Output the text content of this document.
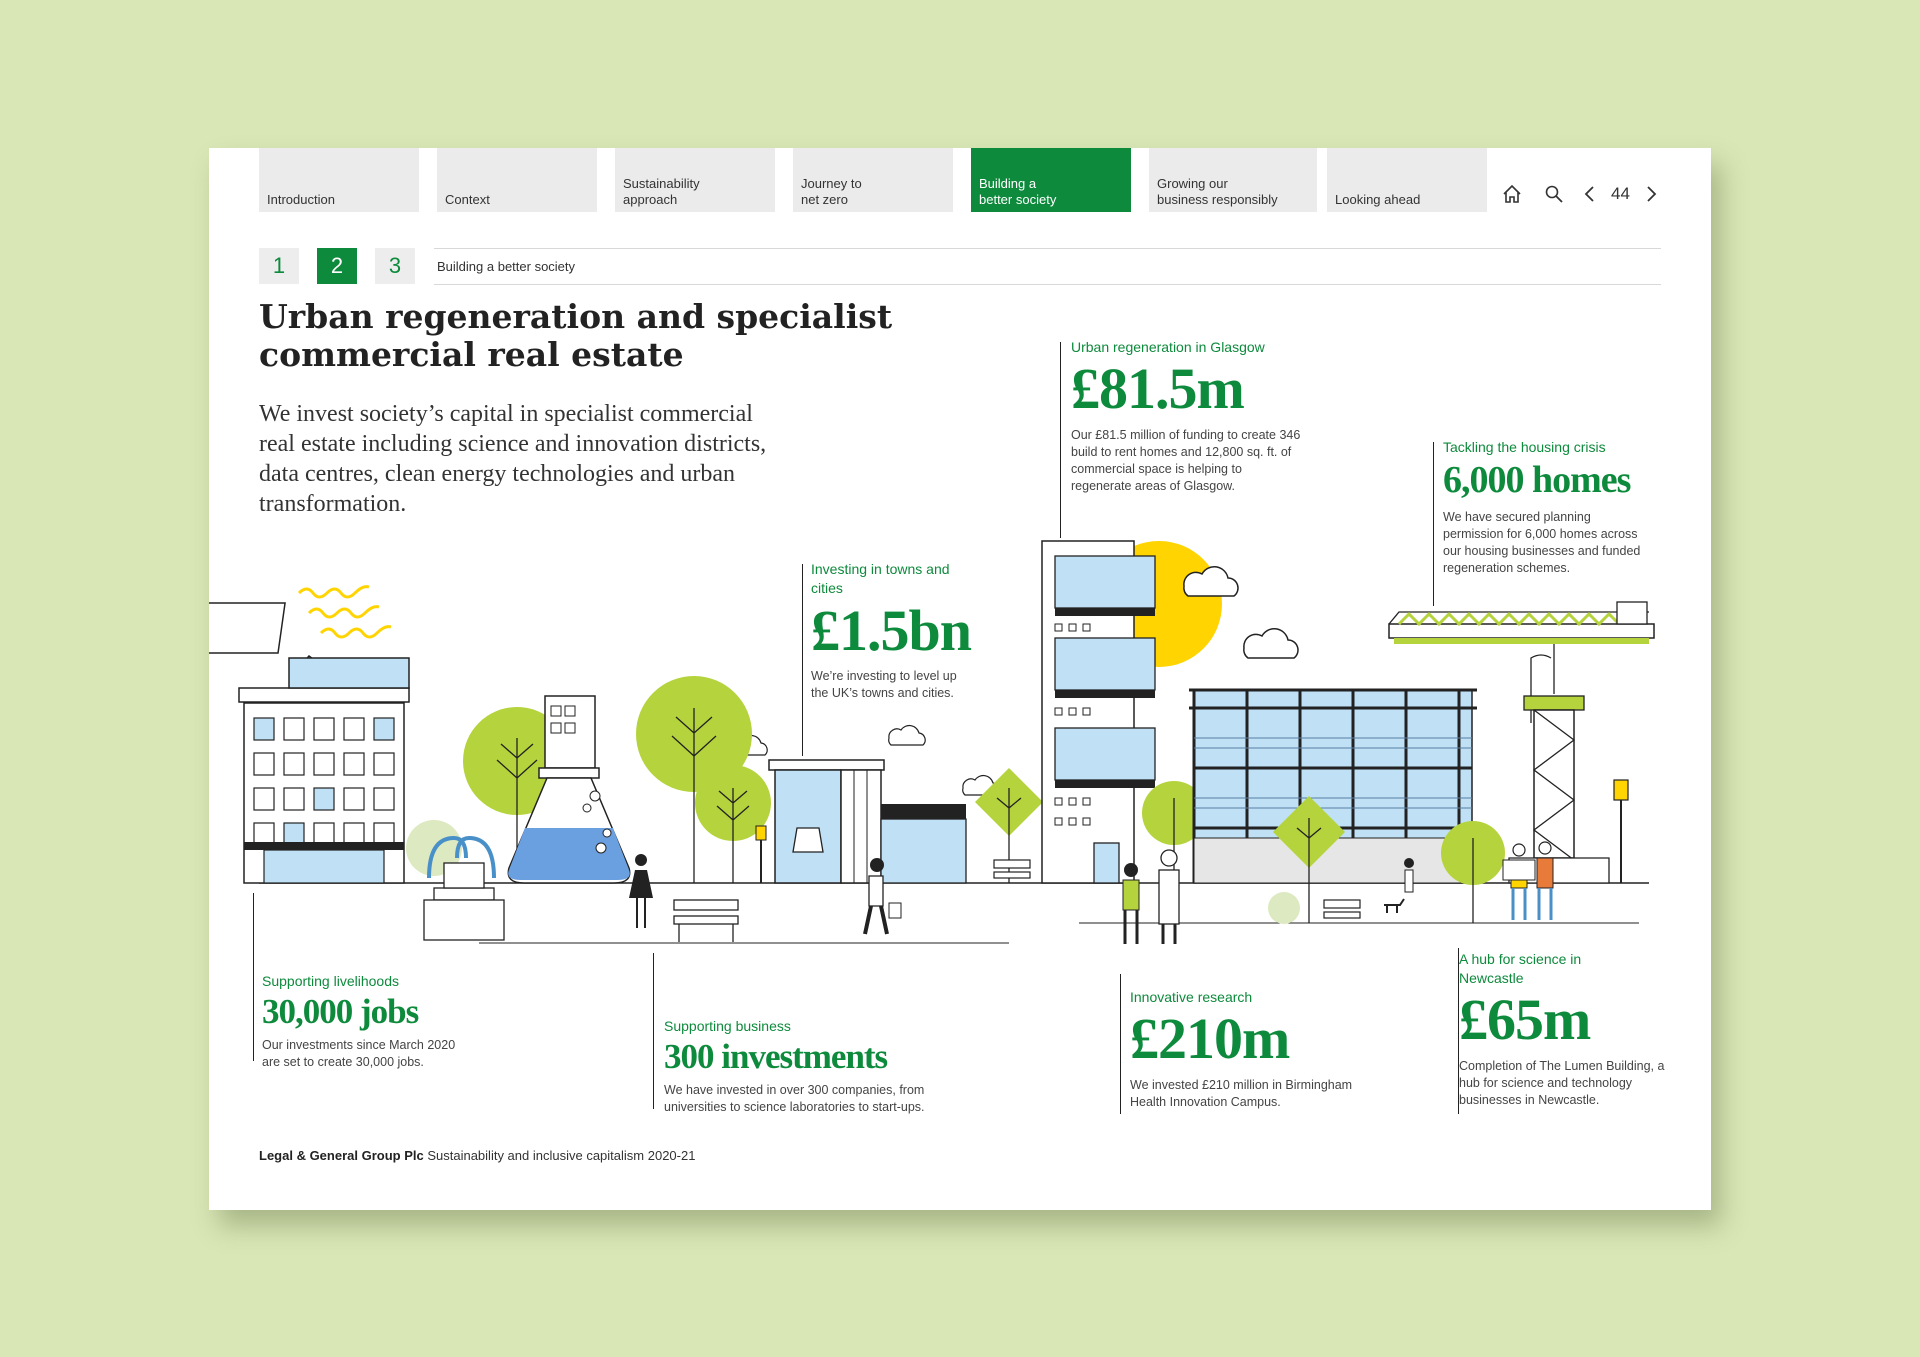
Introduction	Context
Sustainability
approach
Journey to
net zero
Building a
better society
Growing our
business responsibly	Looking ahead	44
1	2	3	Building a better society
Urban regeneration and specialist commercial real estate

We invest society’s capital in specialist commercial real estate including science and innovation districts, data centres, clean energy technologies and urban transformation.

Urban regeneration in Glasgow
£81.5m
Our £81.5 million of funding to create 346 build to rent homes and 12,800 sq. ft. of commercial space is helping to regenerate areas of Glasgow.
Tackling the housing crisis
6,000 homes
We have secured planning permission for 6,000 homes across our housing businesses and funded regeneration schemes.
Investing in towns and cities
£1.5bn
We’re investing to level up the UK’s towns and cities.
Supporting livelihoods
30,000 jobs
Our investments since March 2020 are set to create 30,000 jobs.
Supporting business
300 investments
We have invested in over 300 companies, from universities to science laboratories to start-ups.
Innovative research
£210m
We invested £210 million in Birmingham Health Innovation Campus.
A hub for science in Newcastle
£65m
Completion of The Lumen Building, a hub for science and technology businesses in Newcastle.
Legal & General Group Plc Sustainability and inclusive capitalism 2020-21
